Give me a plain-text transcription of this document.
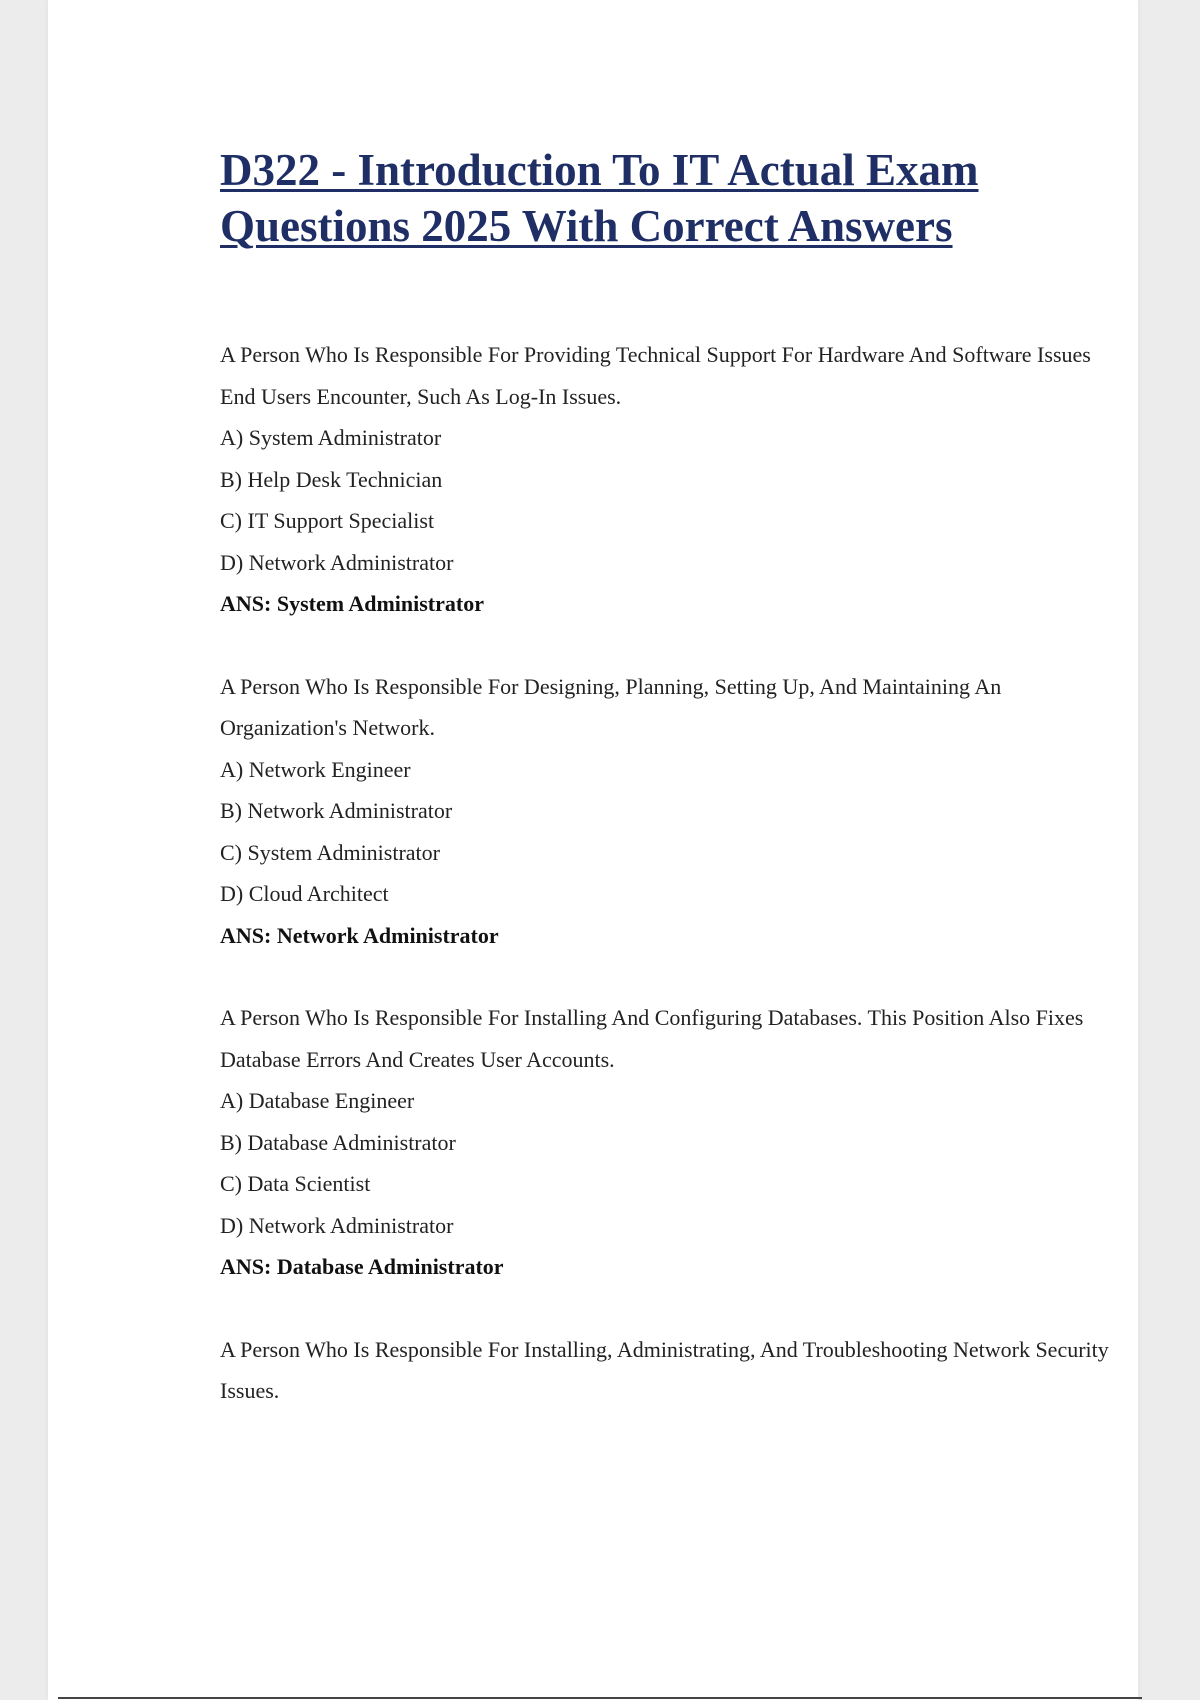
D322 - Introduction To IT Actual Exam
Questions 2025 With Correct Answers

A Person Who Is Responsible For Providing Technical Support For Hardware And Software Issues End Users Encounter, Such As Log-In Issues.

A) System Administrator
B) Help Desk Technician
C) IT Support Specialist
D) Network Administrator
ANS: System Administrator

A Person Who Is Responsible For Designing, Planning, Setting Up, And Maintaining An Organization's Network.

A) Network Engineer
B) Network Administrator
C) System Administrator
D) Cloud Architect
ANS: Network Administrator

A Person Who Is Responsible For Installing And Configuring Databases. This Position Also Fixes Database Errors And Creates User Accounts.

A) Database Engineer
B) Database Administrator
C) Data Scientist
D) Network Administrator
ANS: Database Administrator

A Person Who Is Responsible For Installing, Administrating, And Troubleshooting Network Security Issues.
